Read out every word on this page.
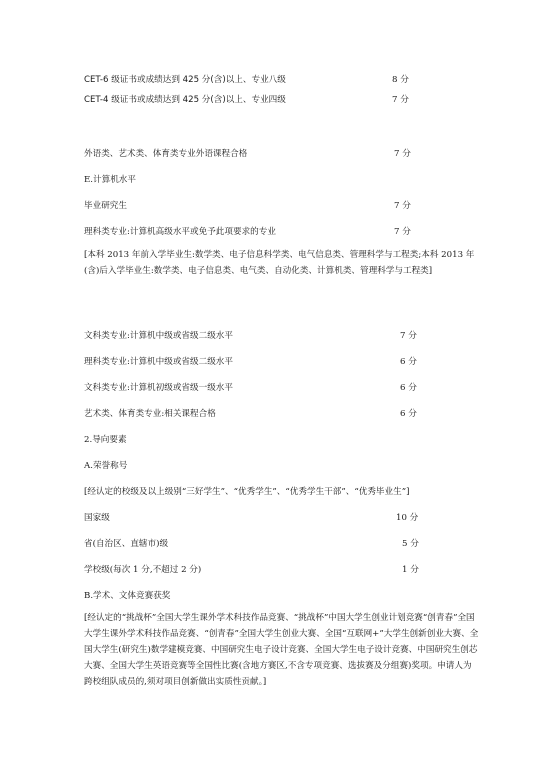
CET-6 级证书或成绩达到 425 分(含)以上、专业八级	8 分
CET-4 级证书或成绩达到 425 分(含)以上、专业四级	7 分
外语类、艺术类、体育类专业外语课程合格	7 分
E.计算机水平
毕业研究生	7 分
理科类专业:计算机高级水平或免予此项要求的专业	7 分
[本科 2013 年前入学毕业生:数学类、电子信息科学类、电气信息类、管理科学与工程类;本科 2013 年(含)后入学毕业生:数学类、电子信息类、电气类、自动化类、计算机类、管理科学与工程类]
文科类专业:计算机中级或省级二级水平	7 分
理科类专业:计算机中级或省级二级水平	6 分
文科类专业:计算机初级或省级一级水平	6 分
艺术类、体育类专业:相关课程合格	6 分
2.导向要素
A.荣誉称号
[经认定的校级及以上级别“三好学生”、“优秀学生”、“优秀学生干部”、“优秀毕业生”]
国家级	10 分
省(自治区、直辖市)级	5 分
学校级(每次 1 分,不超过 2 分)	1 分
B.学术、文体竞赛获奖
[经认定的“挑战杯”全国大学生课外学术科技作品竞赛、“挑战杯”中国大学生创业计划竞赛“创青春”全国大学生课外学术科技作品竞赛、“创青春”全国大学生创业大赛、全国“互联网+”大学生创新创业大赛、全国大学生(研究生)数学建模竞赛、中国研究生电子设计竞赛、全国大学生电子设计竞赛、中国研究生创芯大赛、全国大学生英语竞赛等全国性比赛(含地方赛区,不含专项竞赛、选拔赛及分组赛)奖项。申请人为跨校组队成员的,须对项目创新做出实质性贡献。]
